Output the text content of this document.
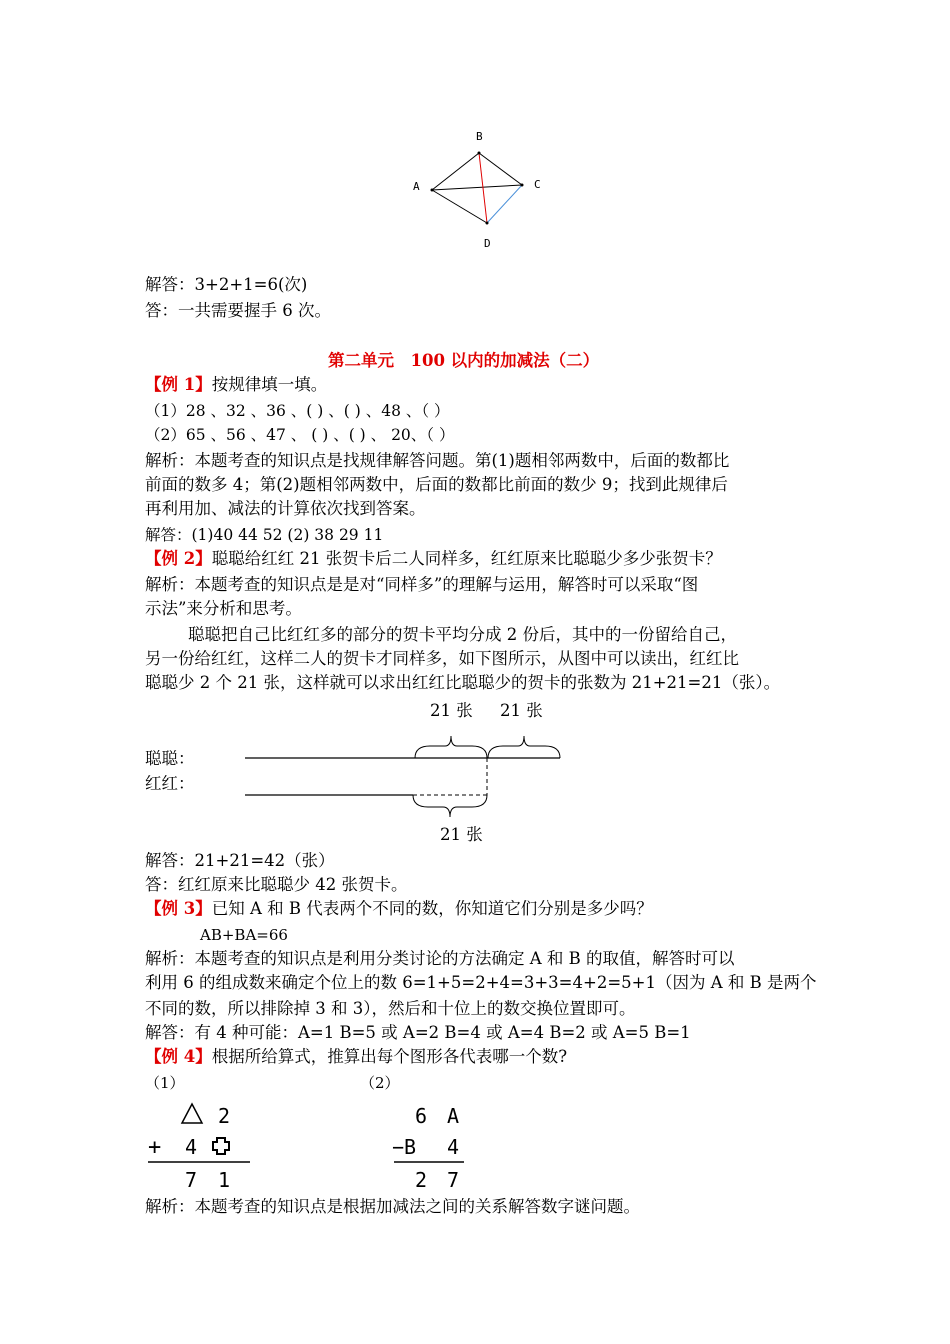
B
A	C
D
解答：3+2+1=6(次)
答：一共需要握手 6 次。
第二单元　100 以内的加减法（二）
【例 1】按规律填一填。
（1）28 、32 、36 、( ) 、( ) 、48 、（ ）
（2）65 、56 、47 、 ( ) 、( ) 、 20、（ ）
解析：本题考查的知识点是找规律解答问题。第(1)题相邻两数中，后面的数都比
前面的数多 4；第(2)题相邻两数中，后面的数都比前面的数少 9；找到此规律后
再利用加、减法的计算依次找到答案。
解答：(1)40 44 52 (2) 38 29 11
【例 2】聪聪给红红 21 张贺卡后二人同样多，红红原来比聪聪少多少张贺卡？
解析：本题考查的知识点是是对“同样多”的理解与运用，解答时可以采取“图
示法”来分析和思考。
聪聪把自己比红红多的部分的贺卡平均分成 2 份后，其中的一份留给自己，
另一份给红红，这样二人的贺卡才同样多，如下图所示，从图中可以读出，红红比
聪聪少 2 个 21 张，这样就可以求出红红比聪聪少的贺卡的张数为 21+21=21（张）。
21 张 21 张
聪聪：
红红：
21 张
解答：21+21=42（张）
答：红红原来比聪聪少 42 张贺卡。
【例 3】已知 A 和 B 代表两个不同的数，你知道它们分别是多少吗？
AB+BA=66
解析：本题考查的知识点是利用分类讨论的方法确定 A 和 B 的取值，解答时可以
利用 6 的组成数来确定个位上的数 6=1+5=2+4=3+3=4+2=5+1（因为 A 和 B 是两个
不同的数，所以排除掉 3 和 3），然后和十位上的数交换位置即可。
解答：有 4 种可能：A=1 B=5 或 A=2 B=4 或 A=4 B=2 或 A=5 B=1
【例 4】根据所给算式，推算出每个图形各代表哪一个数?
（1）	（2）
2
+ 4
7 1
6 A
−B 4
2 7
解析：本题考查的知识点是根据加减法之间的关系解答数字谜问题。
